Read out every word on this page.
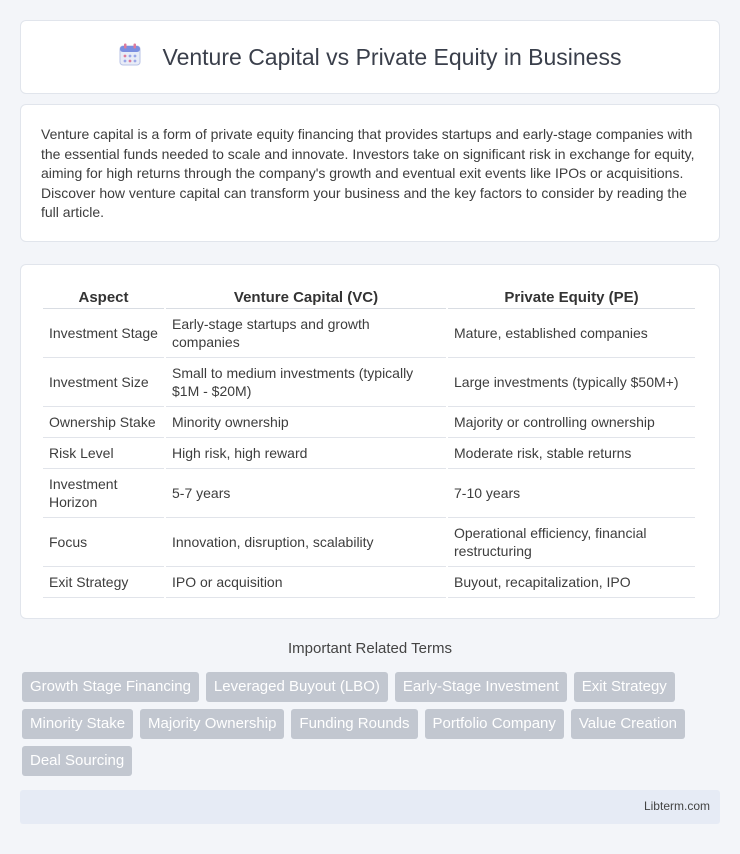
Venture Capital vs Private Equity in Business

Venture capital is a form of private equity financing that provides startups and early-stage companies with the essential funds needed to scale and innovate. Investors take on significant risk in exchange for equity, aiming for high returns through the company's growth and eventual exit events like IPOs or acquisitions. Discover how venture capital can transform your business and the key factors to consider by reading the full article.

Aspect	Venture Capital (VC)	Private Equity (PE)
Investment Stage	Early-stage startups and growth companies	Mature, established companies
Investment Size	Small to medium investments (typically $1M - $20M)	Large investments (typically $50M+)
Ownership Stake	Minority ownership	Majority or controlling ownership
Risk Level	High risk, high reward	Moderate risk, stable returns
Investment Horizon	5-7 years	7-10 years
Focus	Innovation, disruption, scalability	Operational efficiency, financial restructuring
Exit Strategy	IPO or acquisition	Buyout, recapitalization, IPO
Important Related Terms
Growth Stage Financing	Leveraged Buyout (LBO)	Early-Stage Investment	Exit Strategy
Minority Stake	Majority Ownership	Funding Rounds	Portfolio Company	Value Creation
Deal Sourcing
Libterm.com
